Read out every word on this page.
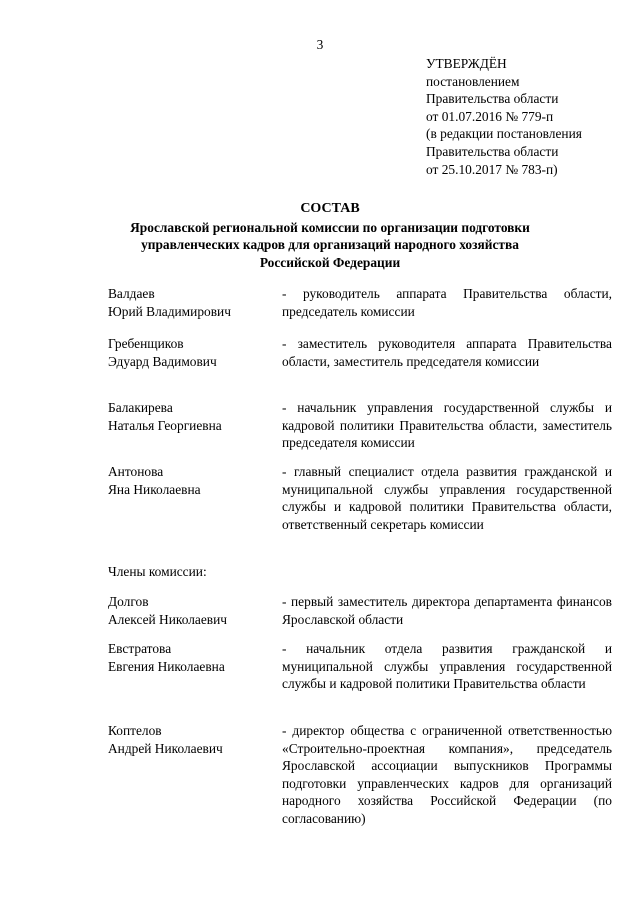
3
УТВЕРЖДЁН
постановлением
Правительства области
от 01.07.2016 № 779-п
(в редакции постановления
Правительства области
от 25.10.2017 № 783-п)
СОСТАВ
Ярославской региональной комиссии по организации подготовки
управленческих кадров для организаций народного хозяйства
Российской Федерации
Валдаев
Юрий Владимирович
- руководитель аппарата Правительства области, председатель комиссии
Гребенщиков
Эдуард Вадимович
- заместитель руководителя аппарата Правительства области, заместитель председателя комиссии
Балакирева
Наталья Георгиевна
- начальник управления государственной службы и кадровой политики Правительства области, заместитель председателя комиссии
Антонова
Яна Николаевна
- главный специалист отдела развития гражданской и муниципальной службы управления государственной службы и кадровой политики Правительства области, ответственный секретарь комиссии
Члены комиссии:
Долгов
Алексей Николаевич
- первый заместитель директора департамента финансов Ярославской области
Евстратова
Евгения Николаевна
- начальник отдела развития гражданской и муниципальной службы управления государственной службы и кадровой политики Правительства области
Коптелов
Андрей Николаевич
- директор общества с ограниченной ответственностью «Строительно-проектная компания», председатель Ярославской ассоциации выпускников Программы подготовки управленческих кадров для организаций народного хозяйства Российской Федерации (по согласованию)
